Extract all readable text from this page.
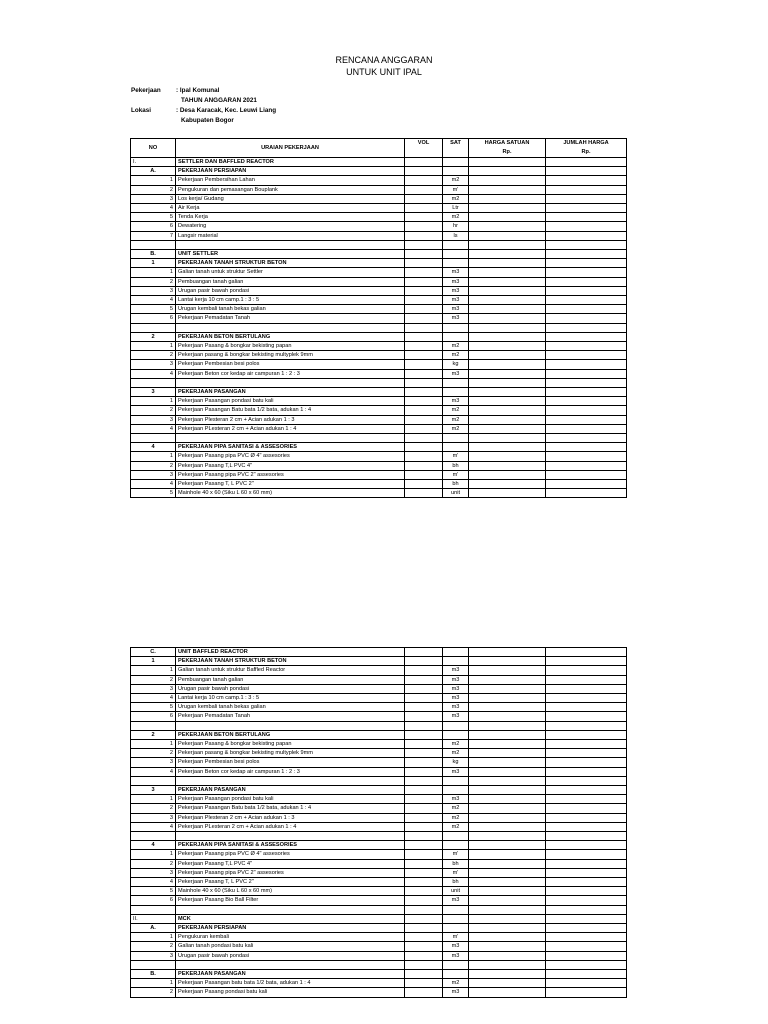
RENCANA ANGGARAN
UNTUK UNIT IPAL
Pekerjaan : Ipal Komunal
TAHUN ANGGARAN 2021
Lokasi	: Desa Karacak, Kec. Leuwi Liang
Kabupaten Bogor
NO	URAIAN PEKERJAAN	VOL	SAT	HARGA SATUAN	JUMLAH HARGA
				Rp.	Rp.
I.	SETTLER DAN BAFFLED REACTOR				
A.	PEKERJAAN PERSIAPAN				
1	Pekerjaan Pembersihan Lahan		m2		
2	Pengukuran dan pemasangan Bouplank		m'		
3	Los kerja/ Gudang		m2		
4	Air Kerja		Ltr		
5	Tenda Kerja		m2		
6	Dewatering		hr		
7	Langsir material		ls		

B.	UNIT SETTLER				
1	PEKERJAAN TANAH STRUKTUR BETON				
1	Galian tanah untuk struktur Settler		m3		
2	Pembuangan tanah galian		m3		
3	Urugan pasir bawah pondasi		m3		
4	Lantai kerja 10 cm camp.1 : 3 : 5		m3		
5	Urugan kembali tanah bekas galian		m3		
6	Pekerjaan Pemadatan Tanah		m3		

2	PEKERJAAN BETON BERTULANG				
1	Pekerjaan Pasang & bongkar bekisting papan		m2		
2	Pekerjaan pasang & bongkar bekisting multyplek 9mm		m2		
3	Pekerjaan Pembesian besi polos		kg		
4	Pekerjaan Beton cor kedap air campuran 1 : 2 : 3		m3		

3	PEKERJAAN PASANGAN				
1	Pekerjaan Pasangan pondasi batu kali		m3		
2	Pekerjaan Pasangan Batu bata 1/2 bata, adukan 1 : 4		m2		
3	Pekerjaan Plesteran 2 cm + Acian adukan 1 : 3		m2		
4	Pekerjaan PLesteran 2 cm + Acian adukan 1 : 4		m2		

4	PEKERJAAN PIPA SANITASI & ASSESORIES				
1	Pekerjaan Pasang pipa PVC Ø 4" assesories		m'		
2	Pekerjaan Pasang T,L PVC 4"		bh		
3	Pekerjaan Pasang pipa PVC 2" assesories		m'		
4	Pekerjaan Pasang T, L PVC 2"		bh		
5	Mainhole 40 x 60 (Siku L 60 x 60 mm)		unit		
C.	UNIT BAFFLED REACTOR				
1	PEKERJAAN TANAH STRUKTUR BETON				
1	Galian tanah untuk struktur Baffled Reactor		m3		
2	Pembuangan tanah galian		m3		
3	Urugan pasir bawah pondasi		m3		
4	Lantai kerja 10 cm camp.1 : 3 : 5		m3		
5	Urugan kembali tanah bekas galian		m3		
6	Pekerjaan Pemadatan Tanah		m3		

2	PEKERJAAN BETON BERTULANG				
1	Pekerjaan Pasang & bongkar bekisting papan		m2		
2	Pekerjaan pasang & bongkar bekisting multyplek 9mm		m2		
3	Pekerjaan Pembesian besi polos		kg		
4	Pekerjaan Beton cor kedap air campuran 1 : 2 : 3		m3		

3	PEKERJAAN PASANGAN				
1	Pekerjaan Pasangan pondasi batu kali		m3		
2	Pekerjaan Pasangan Batu bata 1/2 bata, adukan 1 : 4		m2		
3	Pekerjaan Plesteran 2 cm + Acian adukan 1 : 3		m2		
4	Pekerjaan PLesteran 2 cm + Acian adukan 1 : 4		m2		

4	PEKERJAAN PIPA SANITASI & ASSESORIES				
1	Pekerjaan Pasang pipa PVC Ø 4" assesories		m'		
2	Pekerjaan Pasang T,L PVC 4"		bh		
3	Pekerjaan Pasang pipa PVC 2" assesories		m'		
4	Pekerjaan Pasang T, L PVC 2"		bh		
5	Mainhole 40 x 60 (Siku L 60 x 60 mm)		unit		
6	Pekerjaan Pasang Bio Ball Filter		m3		

II.	MCK				
A.	PEKERJAAN PERSIAPAN				
1	Pengukuran kembali		m'		
2	Galian tanah pondasi batu kali		m3		
3	Urugan pasir bawah pondasi		m3		

B.	PEKERJAAN PASANGAN				
1	Pekerjaan Pasangan batu bata 1/2 bata, adukan 1 : 4		m2		
2	Pekerjaan Pasang pondasi batu kali		m3		
